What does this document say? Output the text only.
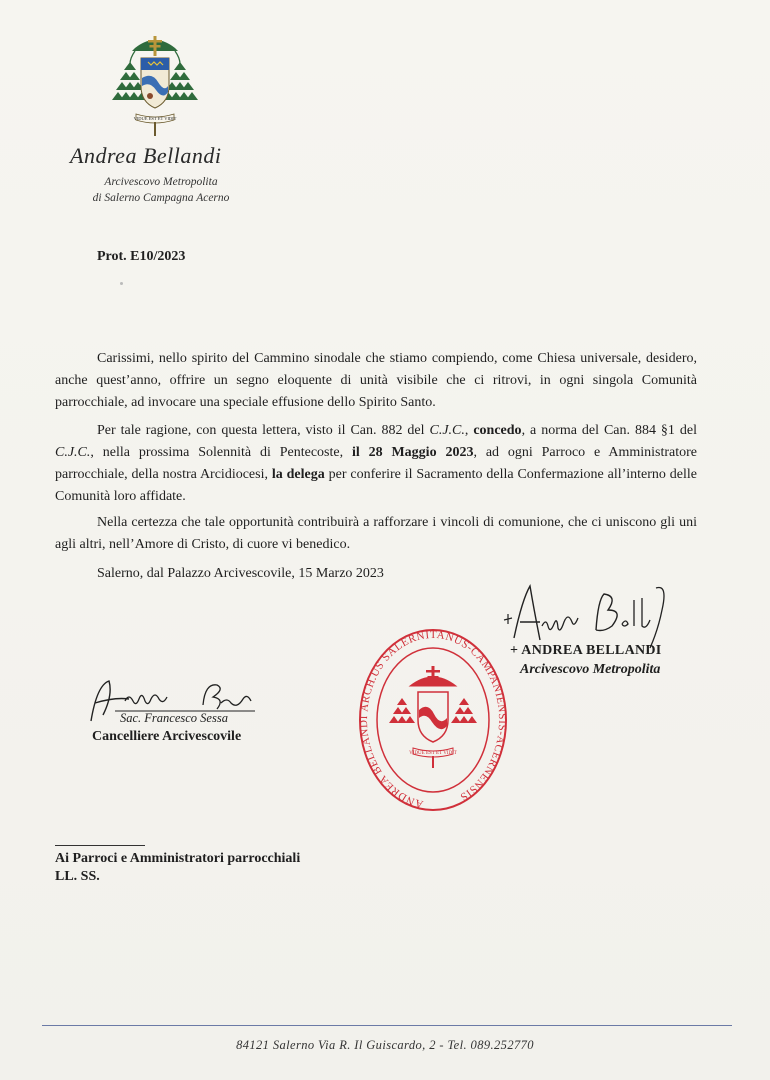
VIDUE EST ET VIDIT
Andrea Bellandi
Arcivescovo Metropolita
di Salerno Campagna Acerno
Prot. E10/2023

Carissimi, nello spirito del Cammino sinodale che stiamo compiendo, come Chiesa universale, desidero, anche quest’anno, offrire un segno eloquente di unità visibile che ci ritrovi, in ogni singola Comunità parrocchiale, ad invocare una speciale effusione dello Spirito Santo.

Per tale ragione, con questa lettera, visto il Can. 882 del C.J.C., concedo, a norma del Can. 884 §1 del C.J.C., nella prossima Solennità di Pentecoste, il 28 Maggio 2023, ad ogni Parroco e Amministratore parrocchiale, della nostra Arcidiocesi, la delega per conferire il Sacramento della Confermazione all’interno delle Comunità loro affidate.

Nella certezza che tale opportunità contribuirà a rafforzare i vincoli di comunione, che ci uniscono gli uni agli altri, nell’Amore di Cristo, di cuore vi benedico.

Salerno, dal Palazzo Arcivescovile, 15 Marzo 2023
+ ANDREA BELLANDI
Arcivescovo Metropolita
ANDREA BELLANDI ARCH.US SALERNITANUS-CAMPANIENSIS-ACERNENSIS
VIDUE EST ET VIDIT
Sac. Francesco Sessa
Cancelliere Arcivescovile
Ai Parroci e Amministratori parrocchiali
LL. SS.
84121 Salerno Via R. Il Guiscardo, 2 - Tel. 089.252770
